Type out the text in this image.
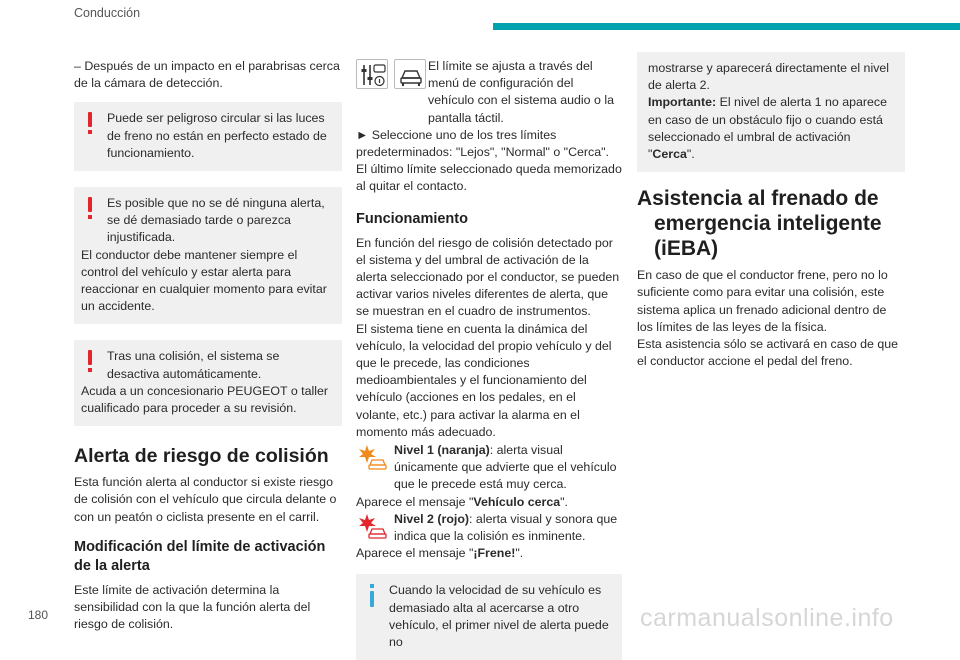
Conducción

– Después de un impacto en el parabrisas cerca de la cámara de detección.

Puede ser peligroso circular si las luces de freno no están en perfecto estado de funcionamiento.

Es posible que no se dé ninguna alerta, se dé demasiado tarde o parezca injustificada.

El conductor debe mantener siempre el control del vehículo y estar alerta para reaccionar en cualquier momento para evitar un accidente.

Tras una colisión, el sistema se desactiva automáticamente.

Acuda a un concesionario PEUGEOT o taller cualificado para proceder a su revisión.

Alerta de riesgo de colisión

Esta función alerta al conductor si existe riesgo de colisión con el vehículo que circula delante o con un peatón o ciclista presente en el carril.

Modificación del límite de activación de la alerta

Este límite de activación determina la sensibilidad con la que la función alerta del riesgo de colisión.

El límite se ajusta a través del menú de configuración del vehículo con el sistema audio o la pantalla táctil.

► Seleccione uno de los tres límites predeterminados: "Lejos", "Normal" o "Cerca".

El último límite seleccionado queda memorizado al quitar el contacto.

Funcionamiento

En función del riesgo de colisión detectado por el sistema y del umbral de activación de la alerta seleccionado por el conductor, se pueden activar varios niveles diferentes de alerta, que se muestran en el cuadro de instrumentos.

El sistema tiene en cuenta la dinámica del vehículo, la velocidad del propio vehículo y del que le precede, las condiciones medioambientales y el funcionamiento del vehículo (acciones en los pedales, en el volante, etc.) para activar la alarma en el momento más adecuado.

Nivel 1 (naranja): alerta visual únicamente que advierte que el vehículo que le precede está muy cerca.

Aparece el mensaje "Vehículo cerca".

Nivel 2 (rojo): alerta visual y sonora que indica que la colisión es inminente.

Aparece el mensaje "¡Frene!".

Cuando la velocidad de su vehículo es demasiado alta al acercarse a otro vehículo, el primer nivel de alerta puede no

mostrarse y aparecerá directamente el nivel de alerta 2.

Importante: El nivel de alerta 1 no aparece en caso de un obstáculo fijo o cuando está seleccionado el umbral de activación "Cerca".

Asistencia al frenado de
emergencia inteligente
(iEBA)

En caso de que el conductor frene, pero no lo suficiente como para evitar una colisión, este sistema aplica un frenado adicional dentro de los límites de las leyes de la física.

Esta asistencia sólo se activará en caso de que el conductor accione el pedal del freno.

180	carmanualsonline.info
